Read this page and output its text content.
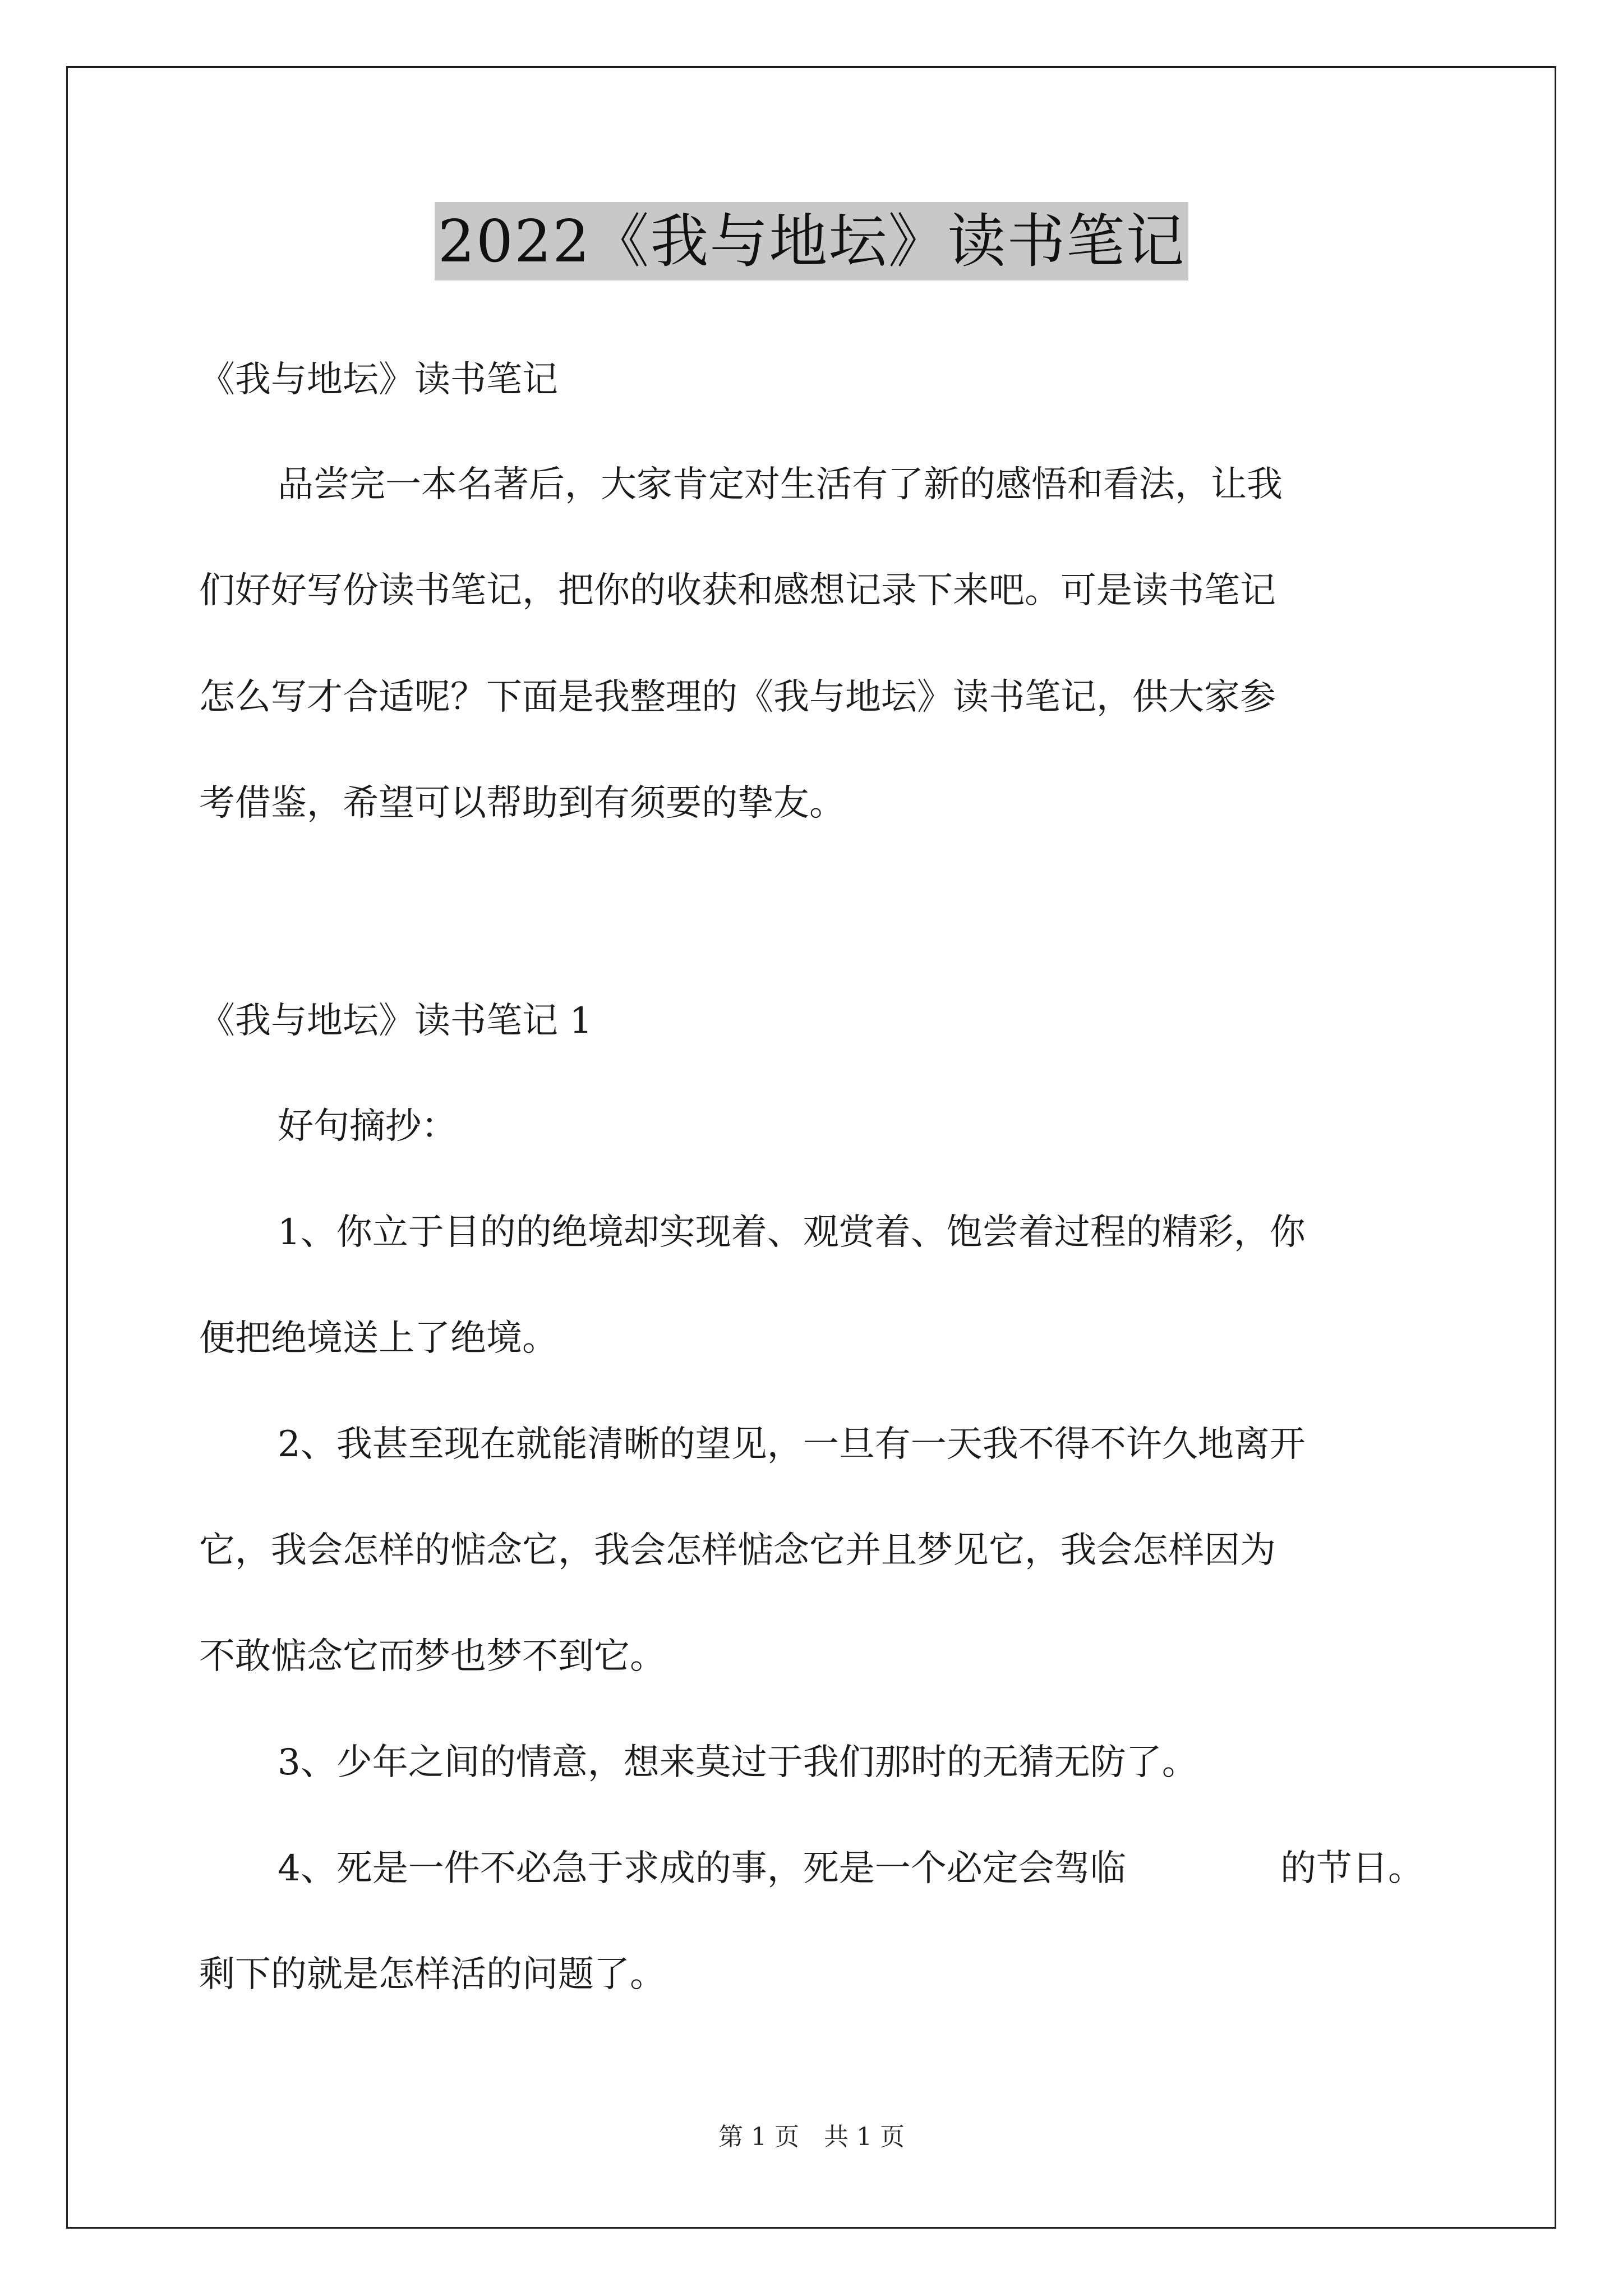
2022《我与地坛》读书笔记
《我与地坛》读书笔记
品尝完一本名著后，大家肯定对生活有了新的感悟和看法，让我
们好好写份读书笔记，把你的收获和感想记录下来吧。可是读书笔记
怎么写才合适呢？下面是我整理的《我与地坛》读书笔记，供大家参
考借鉴，希望可以帮助到有须要的挚友。
《我与地坛》读书笔记 1
好句摘抄：
1、你立于目的的绝境却实现着、观赏着、饱尝着过程的精彩，你
便把绝境送上了绝境。
2、我甚至现在就能清晰的望见，一旦有一天我不得不许久地离开
它，我会怎样的惦念它，我会怎样惦念它并且梦见它，我会怎样因为
不敢惦念它而梦也梦不到它。
3、少年之间的情意，想来莫过于我们那时的无猜无防了。
4、死是一件不必急于求成的事，死是一个必定会驾临	的节日。
剩下的就是怎样活的问题了。
第 1 页　共 1 页
